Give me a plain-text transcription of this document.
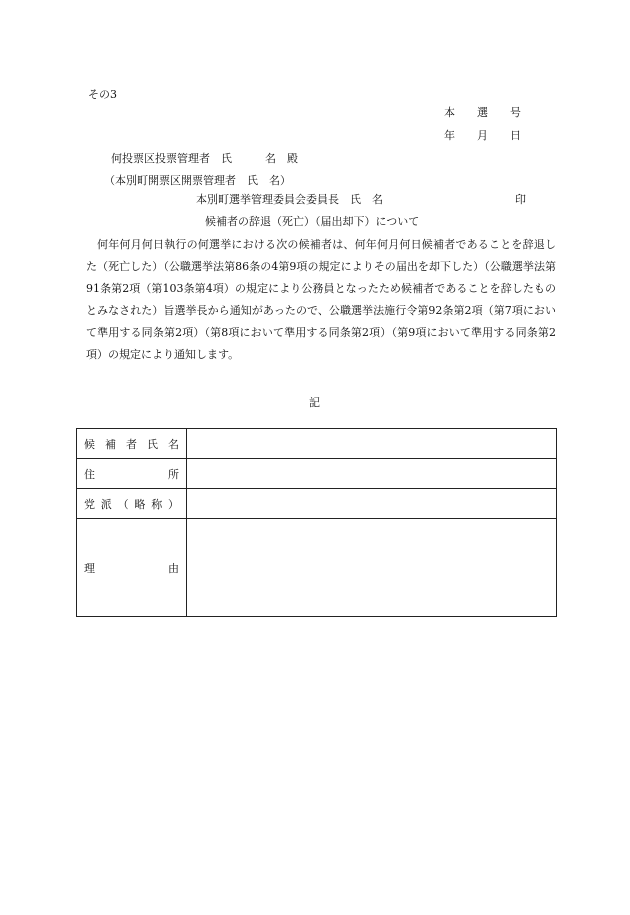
その3
本　　選　　号
年　　月　　日
何投票区投票管理者　氏　　　名　殿
（本別町開票区開票管理者　氏　名）
本別町選挙管理委員会委員長　氏　名	印
候補者の辞退（死亡）（届出却下）について

何年何月何日執行の何選挙における次の候補者は、何年何月何日候補者であることを辞退した（死亡した）（公職選挙法第86条の4第9項の規定によりその届出を却下した）（公職選挙法第91条第2項（第103条第4項）の規定により公務員となったため候補者であることを辞したものとみなされた）旨選挙長から通知があったので、公職選挙法施行令第92条第2項（第7項において準用する同条第2項）（第8項において準用する同条第2項）（第9項において準用する同条第2項）の規定により通知します。

記
候補者氏名	
住所	
党派（略称）	
理由	
